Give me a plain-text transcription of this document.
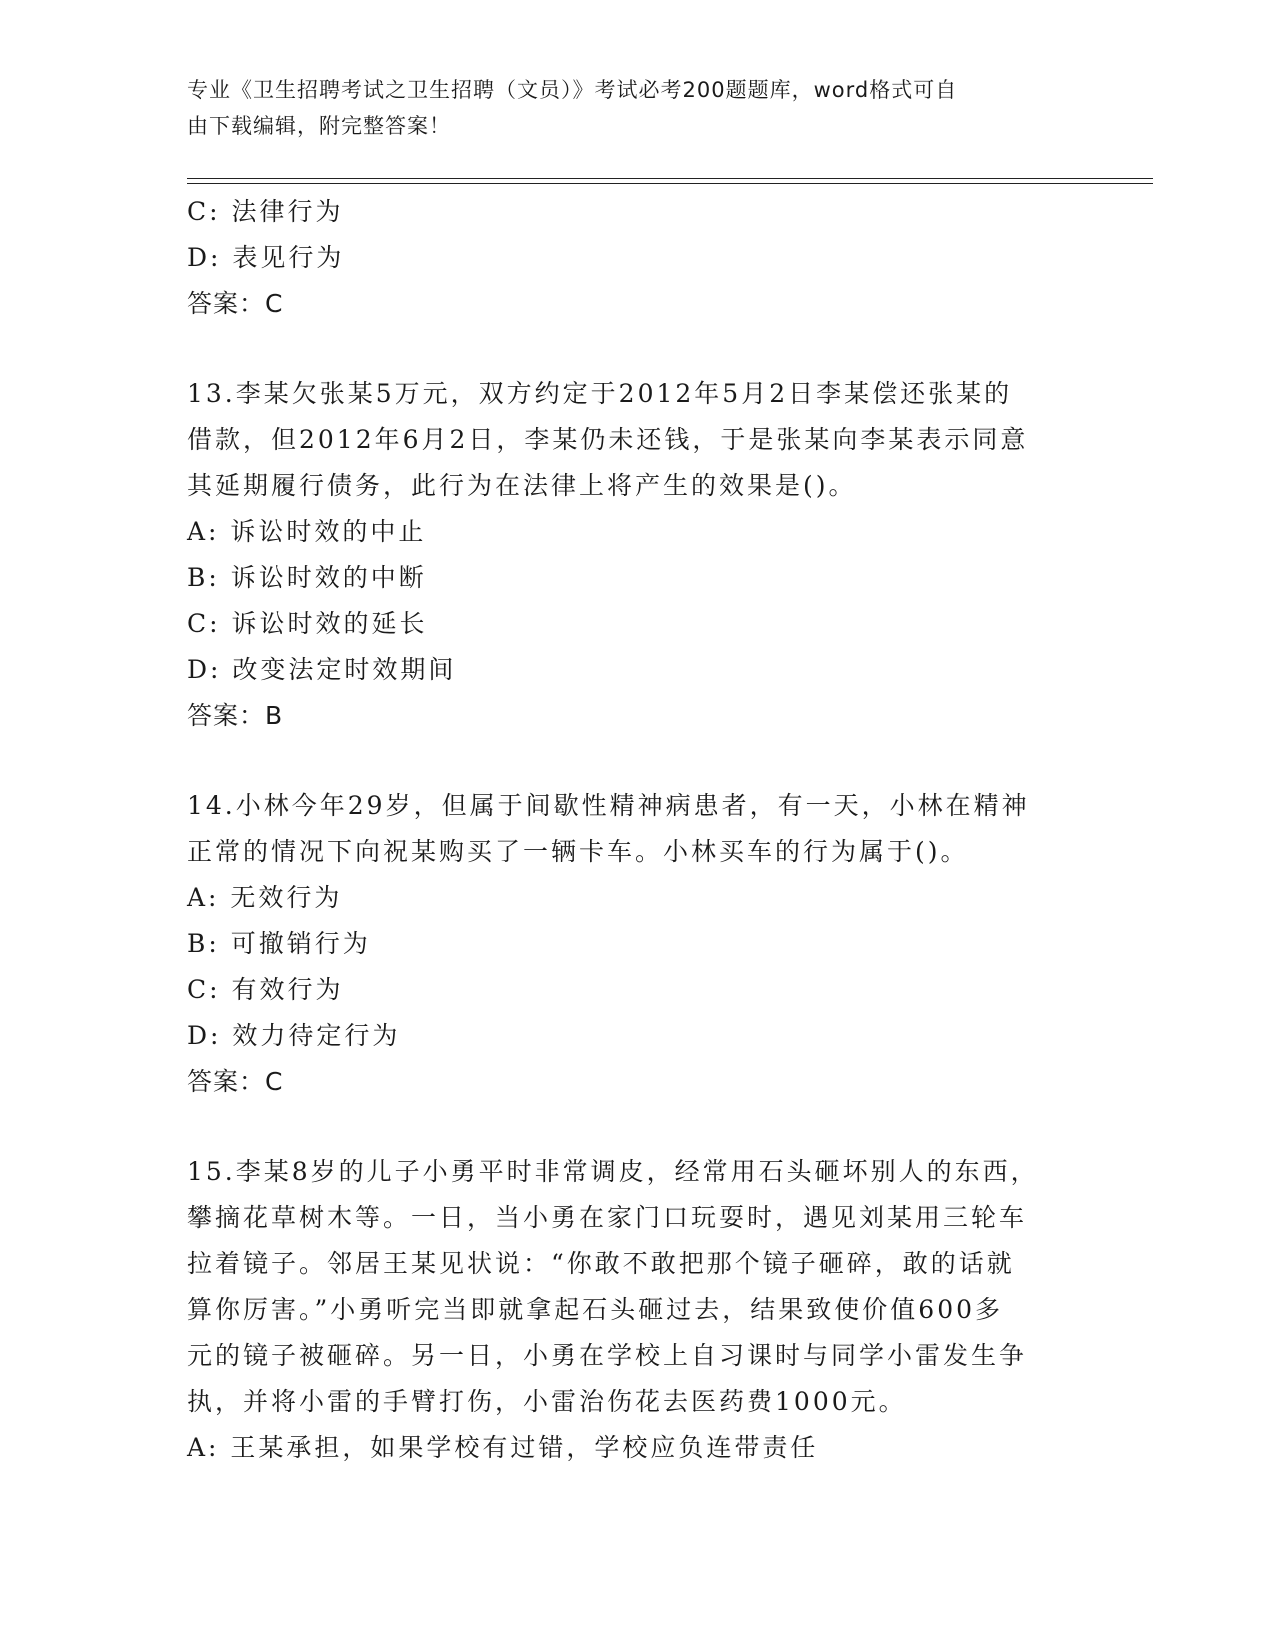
专业《卫生招聘考试之卫生招聘（文员）》考试必考200题题库，word格式可自
由下载编辑，附完整答案！
C: 法律行为
D: 表见行为
答案：C
13.李某欠张某5万元，双方约定于2012年5月2日李某偿还张某的
借款，但2012年6月2日，李某仍未还钱，于是张某向李某表示同意
其延期履行债务，此行为在法律上将产生的效果是()。
A: 诉讼时效的中止
B: 诉讼时效的中断
C: 诉讼时效的延长
D: 改变法定时效期间
答案：B
14.小林今年29岁，但属于间歇性精神病患者，有一天，小林在精神
正常的情况下向祝某购买了一辆卡车。小林买车的行为属于()。
A: 无效行为
B: 可撤销行为
C: 有效行为
D: 效力待定行为
答案：C
15.李某8岁的儿子小勇平时非常调皮，经常用石头砸坏别人的东西，
攀摘花草树木等。一日，当小勇在家门口玩耍时，遇见刘某用三轮车
拉着镜子。邻居王某见状说：“你敢不敢把那个镜子砸碎，敢的话就
算你厉害。”小勇听完当即就拿起石头砸过去，结果致使价值600多
元的镜子被砸碎。另一日，小勇在学校上自习课时与同学小雷发生争
执，并将小雷的手臂打伤，小雷治伤花去医药费1000元。
A: 王某承担，如果学校有过错，学校应负连带责任
